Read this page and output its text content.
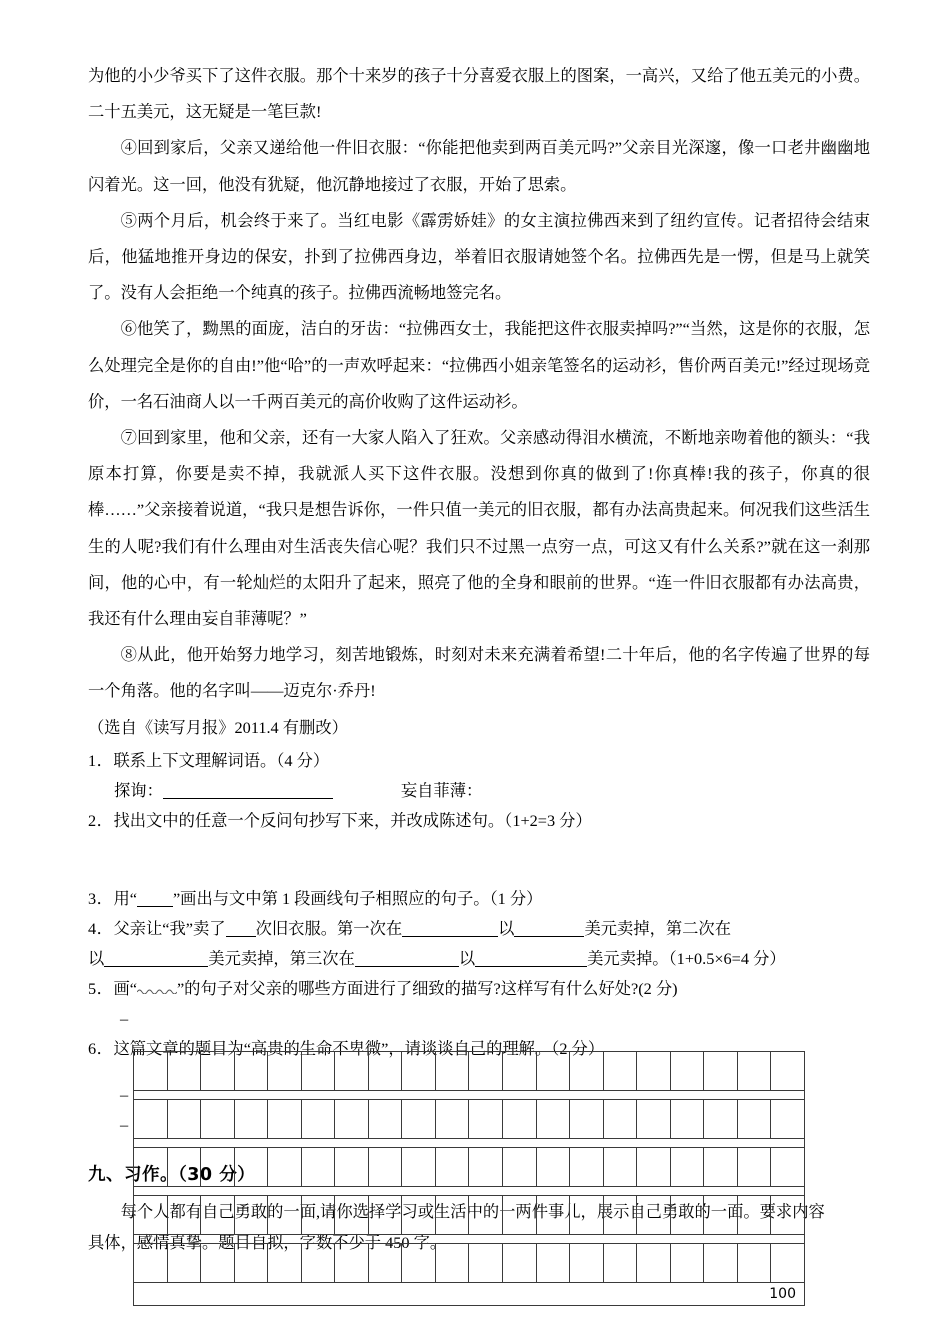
为他的小少爷买下了这件衣服。那个十来岁的孩子十分喜爱衣服上的图案，一高兴，又给了他五美元的小费。二十五美元，这无疑是一笔巨款!

④回到家后，父亲又递给他一件旧衣服：“你能把他卖到两百美元吗?”父亲目光深邃，像一口老井幽幽地闪着光。这一回，他没有犹疑，他沉静地接过了衣服，开始了思索。

⑤两个月后，机会终于来了。当红电影《霹雳娇娃》的女主演拉佛西来到了纽约宣传。记者招待会结束后，他猛地推开身边的保安，扑到了拉佛西身边，举着旧衣服请她签个名。拉佛西先是一愣，但是马上就笑了。没有人会拒绝一个纯真的孩子。拉佛西流畅地签完名。

⑥他笑了，黝黑的面庞，洁白的牙齿：“拉佛西女士，我能把这件衣服卖掉吗?”“当然，这是你的衣服，怎么处理完全是你的自由!”他“哈”的一声欢呼起来：“拉佛西小姐亲笔签名的运动衫，售价两百美元!”经过现场竞价，一名石油商人以一千两百美元的高价收购了这件运动衫。

⑦回到家里，他和父亲，还有一大家人陷入了狂欢。父亲感动得泪水横流，不断地亲吻着他的额头：“我原本打算，你要是卖不掉，我就派人买下这件衣服。没想到你真的做到了!你真棒!我的孩子，你真的很棒……”父亲接着说道，“我只是想告诉你，一件只值一美元的旧衣服，都有办法高贵起来。何况我们这些活生生的人呢?我们有什么理由对生活丧失信心呢？我们只不过黑一点穷一点，可这又有什么关系?”就在这一刹那间，他的心中，有一轮灿烂的太阳升了起来，照亮了他的全身和眼前的世界。“连一件旧衣服都有办法高贵，我还有什么理由妄自菲薄呢？”

⑧从此，他开始努力地学习，刻苦地锻炼，时刻对未来充满着希望!二十年后，他的名字传遍了世界的每一个角落。他的名字叫——迈克尔·乔丹!

（选自《读写月报》2011.4 有删改）

1．联系上下文理解词语。（4 分）

探询：	妄自菲薄：

2．找出文中的任意一个反问句抄写下来，并改成陈述句。（1+2=3 分）

3．用“ ”画出与文中第 1 段画线句子相照应的句子。（1 分）

4．父亲让“我”卖了 次旧衣服。第一次在	以	美元卖掉，第二次在

以	美元卖掉，第三次在	以	美元卖掉。（1+0.5×6=4 分）

5．画“ ”的句子对父亲的哪些方面进行了细致的描写?这样写有什么好处?(2 分)

–

6．这篇文章的题目为“高贵的生命不卑微”，请谈谈自己的理解。（2 分）

–

–

九、习作。（30 分）

每个人都有自己勇敢的一面,请你选择学习或生活中的一两件事儿，展示自己勇敢的一面。要求内容

具体，感情真挚。题目自拟，字数不少于 450 字。

100																			
